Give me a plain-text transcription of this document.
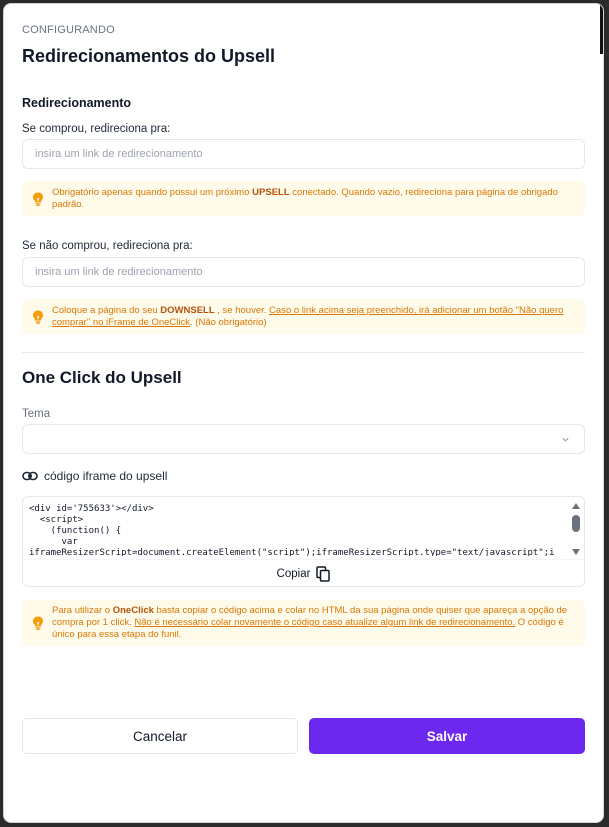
CONFIGURANDO
Redirecionamentos do Upsell
Redirecionamento
Se comprou, redireciona pra:
insira um link de redirecionamento
Obrigatório apenas quando possui um próximo UPSELL conectado. Quando vazio, redireciona para página de obrigado padrão.
Se não comprou, redireciona pra:
insira um link de redirecionamento
Coloque a página do seu DOWNSELL , se houver. Caso o link acima seja preenchido, irá adicionar um botão "Não quero comprar" no iFrame de OneClick. (Não obrigatório)
One Click do Upsell
Tema
código iframe do upsell
<div id='755633'></div>
<script>
(function() {
var
iframeResizerScript=document.createElement("script");iframeResizerScript.type="text/javascript";i
Copiar
Para utilizar o OneClick basta copiar o código acima e colar no HTML da sua página onde quiser que apareça a opção de compra por 1 click. Não é necessário colar novamente o código caso atualize algum link de redirecionamento. O código é único para essa etapa do funil.
Cancelar	Salvar
